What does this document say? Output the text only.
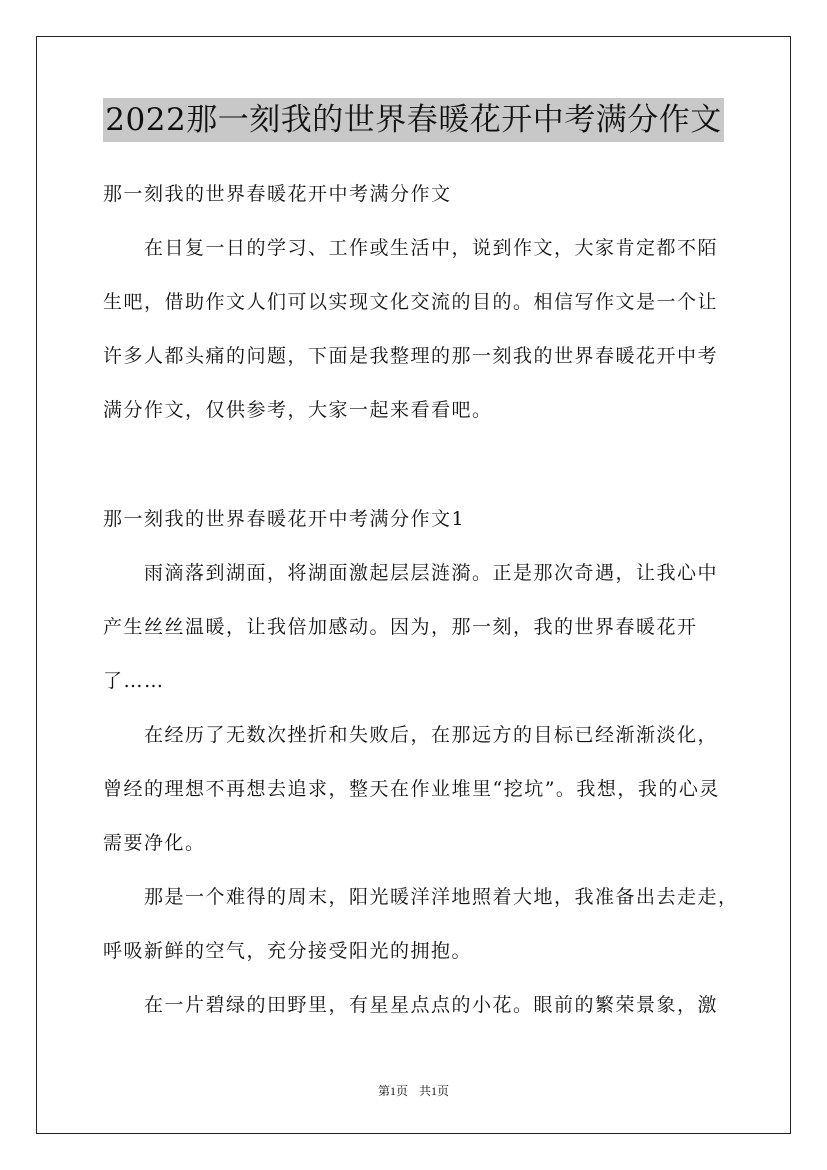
2022那一刻我的世界春暖花开中考满分作文
那一刻我的世界春暖花开中考满分作文
在日复一日的学习、工作或生活中，说到作文，大家肯定都不陌
生吧，借助作文人们可以实现文化交流的目的。相信写作文是一个让
许多人都头痛的问题，下面是我整理的那一刻我的世界春暖花开中考
满分作文，仅供参考，大家一起来看看吧。
那一刻我的世界春暖花开中考满分作文1
雨滴落到湖面，将湖面激起层层涟漪。正是那次奇遇，让我心中
产生丝丝温暖，让我倍加感动。因为，那一刻，我的世界春暖花开
了……
在经历了无数次挫折和失败后，在那远方的目标已经渐渐淡化，
曾经的理想不再想去追求，整天在作业堆里“挖坑”。我想，我的心灵
需要净化。
那是一个难得的周末，阳光暖洋洋地照着大地，我准备出去走走，
呼吸新鲜的空气，充分接受阳光的拥抱。
在一片碧绿的田野里，有星星点点的小花。眼前的繁荣景象，激
第1页 共1页
